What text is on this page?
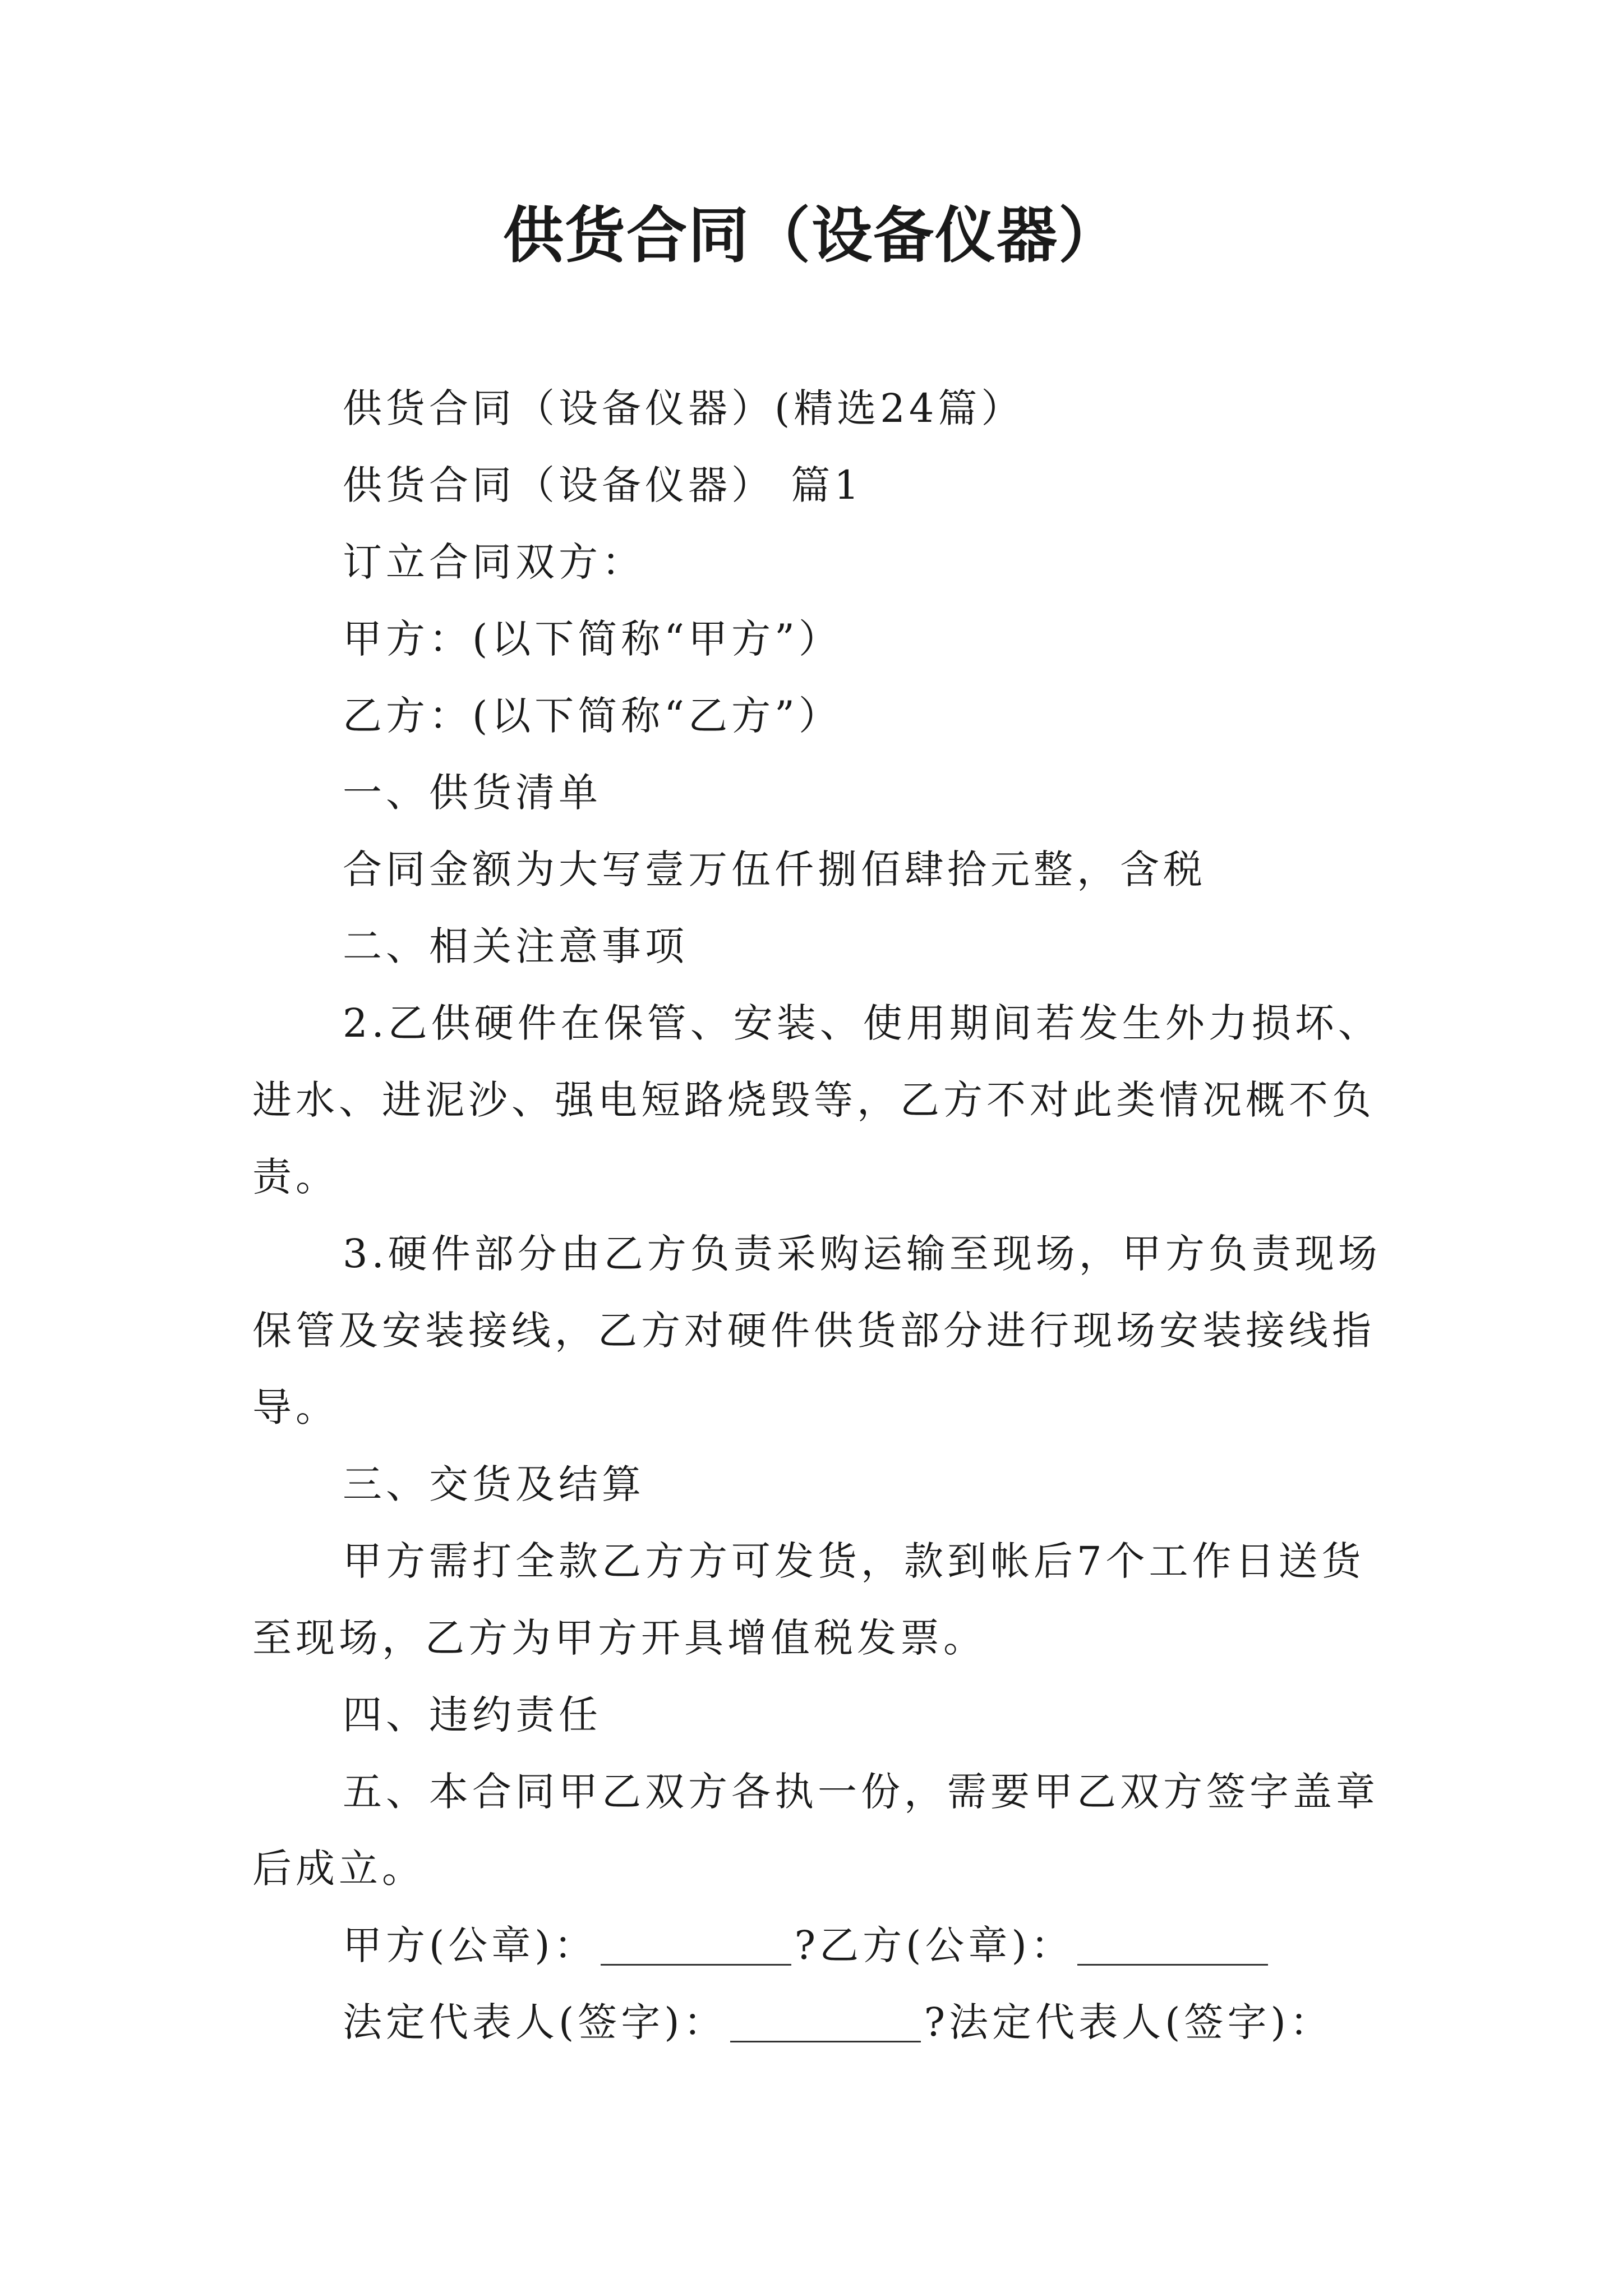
供货合同（设备仪器）

供货合同（设备仪器）(精选24篇）

供货合同（设备仪器） 篇1

订立合同双方：

甲方：(以下简称“甲方”）

乙方：(以下简称“乙方”）

一、供货清单

合同金额为大写壹万伍仟捌佰肆拾元整，含税

二、相关注意事项

2.乙供硬件在保管、安装、使用期间若发生外力损坏、进水、进泥沙、强电短路烧毁等，乙方不对此类情况概不负责。

3.硬件部分由乙方负责采购运输至现场，甲方负责现场保管及安装接线，乙方对硬件供货部分进行现场安装接线指导。

三、交货及结算

甲方需打全款乙方方可发货，款到帐后7个工作日送货至现场，乙方为甲方开具增值税发票。

四、违约责任

五、本合同甲乙双方各执一份，需要甲乙双方签字盖章后成立。

甲方(公章)：	?乙方(公章)：

法定代表人(签字)：	?法定代表人(签字)：
